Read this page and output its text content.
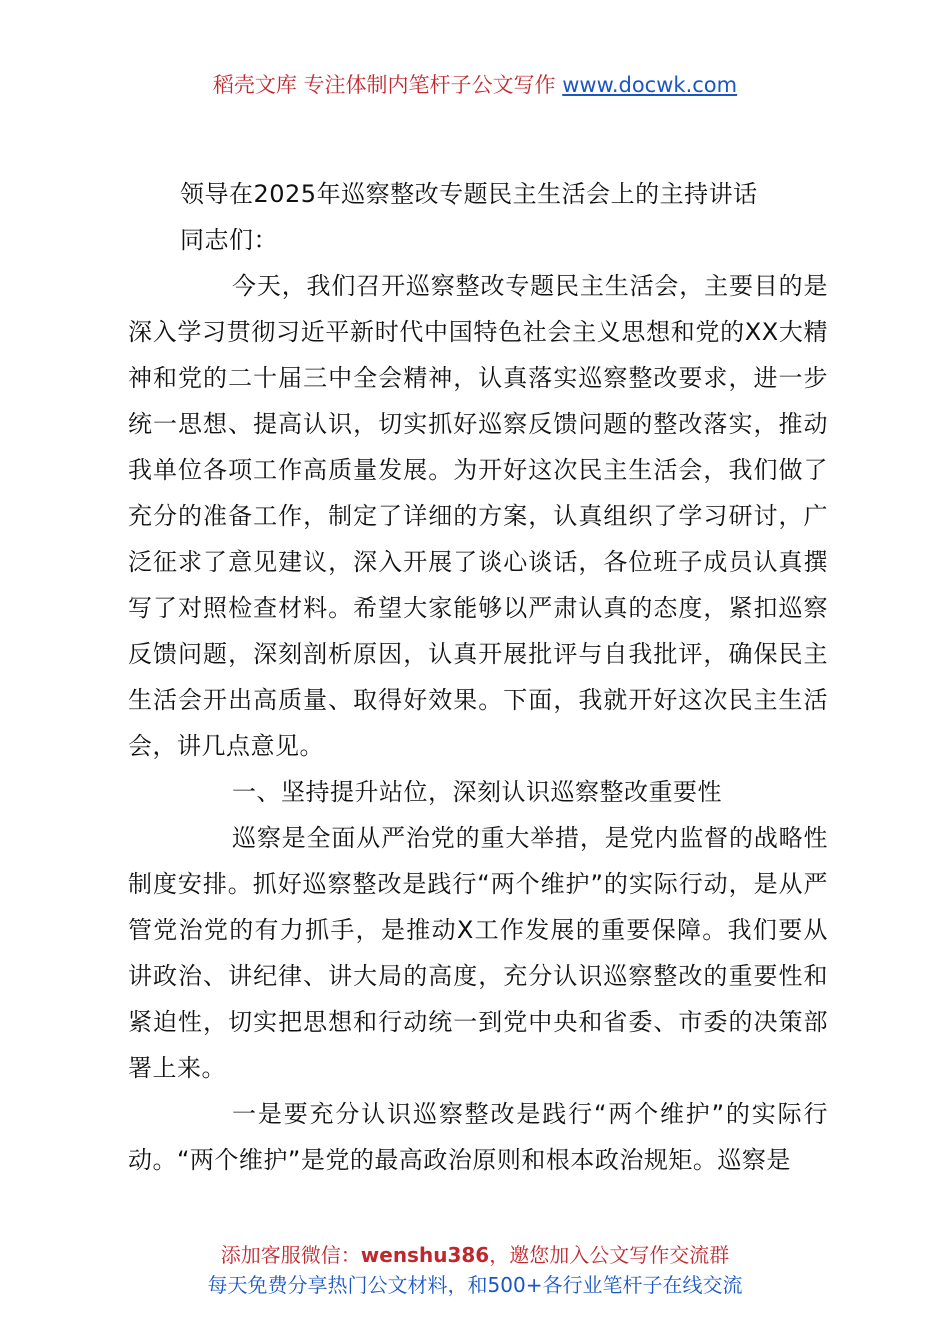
稻壳文库 专注体制内笔杆子公文写作 www.docwk.com

领导在2025年巡察整改专题民主生活会上的主持讲话

同志们：

今天，我们召开巡察整改专题民主生活会，主要目的是深入学习贯彻习近平新时代中国特色社会主义思想和党的XX大精神和党的二十届三中全会精神，认真落实巡察整改要求，进一步统一思想、提高认识，切实抓好巡察反馈问题的整改落实，推动我单位各项工作高质量发展。为开好这次民主生活会，我们做了充分的准备工作，制定了详细的方案，认真组织了学习研讨，广泛征求了意见建议，深入开展了谈心谈话，各位班子成员认真撰写了对照检查材料。希望大家能够以严肃认真的态度，紧扣巡察反馈问题，深刻剖析原因，认真开展批评与自我批评，确保民主生活会开出高质量、取得好效果。下面，我就开好这次民主生活会，讲几点意见。

一、坚持提升站位，深刻认识巡察整改重要性

巡察是全面从严治党的重大举措，是党内监督的战略性制度安排。抓好巡察整改是践行“两个维护”的实际行动，是从严管党治党的有力抓手，是推动X工作发展的重要保障。我们要从讲政治、讲纪律、讲大局的高度，充分认识巡察整改的重要性和紧迫性，切实把思想和行动统一到党中央和省委、市委的决策部署上来。

一是要充分认识巡察整改是践行“两个维护”的实际行动。“两个维护”是党的最高政治原则和根本政治规矩。巡察是

添加客服微信：wenshu386，邀您加入公文写作交流群
每天免费分享热门公文材料，和500+各行业笔杆子在线交流
